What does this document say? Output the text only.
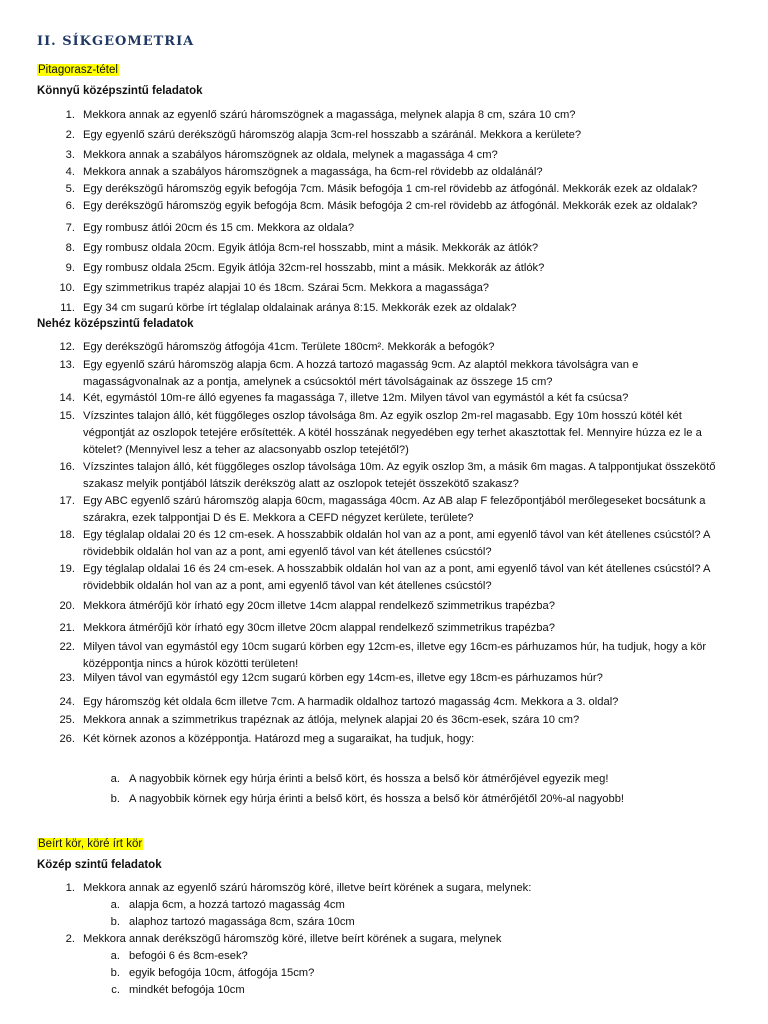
II. SÍKGEOMETRIA
Pitagorasz-tétel
Könnyű középszintű feladatok
1. Mekkora annak az egyenlő szárú háromszögnek a magassága, melynek alapja 8 cm, szára 10 cm?
2. Egy egyenlő szárú derékszögű háromszög alapja 3cm-rel hosszabb a száránál. Mekkora a kerülete?
3. Mekkora annak a szabályos háromszögnek az oldala, melynek a magassága 4 cm?
4. Mekkora annak a szabályos háromszögnek a magassága, ha 6cm-rel rövidebb az oldalánál?
5. Egy derékszögű háromszög egyik befogója 7cm. Másik befogója 1 cm-rel rövidebb az átfogónál. Mekkorák ezek az oldalak?
6. Egy derékszögű háromszög egyik befogója 8cm. Másik befogója 2 cm-rel rövidebb az átfogónál. Mekkorák ezek az oldalak?
7. Egy rombusz átlói 20cm és 15 cm. Mekkora az oldala?
8. Egy rombusz oldala 20cm. Egyik átlója 8cm-rel hosszabb, mint a másik. Mekkorák az átlók?
9. Egy rombusz oldala 25cm. Egyik átlója 32cm-rel hosszabb, mint a másik. Mekkorák az átlók?
10. Egy szimmetrikus trapéz alapjai 10 és 18cm. Szárai 5cm. Mekkora a magassága?
11. Egy 34 cm sugarú körbe írt téglalap oldalainak aránya 8:15. Mekkorák ezek az oldalak?
Nehéz középszintű feladatok
12. Egy derékszögű háromszög átfogója 41cm. Területe 180cm². Mekkorák a befogók?
13. Egy egyenlő szárú háromszög alapja 6cm. A hozzá tartozó magasság 9cm. Az alaptól mekkora távolságra van e magasságvonalnak az a pontja, amelynek a csúcsoktól mért távolságainak az összege 15 cm?
14. Két, egymástól 10m-re álló egyenes fa magassága 7, illetve 12m. Milyen távol van egymástól a két fa csúcsa?
15. Vízszintes talajon álló, két függőleges oszlop távolsága 8m. Az egyik oszlop 2m-rel magasabb. Egy 10m hosszú kötél két végpontját az oszlopok tetejére erősítették. A kötél hosszának negyedében egy terhet akasztottak fel. Mennyire húzza ez le a kötelet? (Mennyivel lesz a teher az alacsonyabb oszlop tetejétől?)
16. Vízszintes talajon álló, két függőleges oszlop távolsága 10m. Az egyik oszlop 3m, a másik 6m magas. A talppontjukat összekötő szakasz melyik pontjából látszik derékszög alatt az oszlopok tetejét összekötő szakasz?
17. Egy ABC egyenlő szárú háromszög alapja 60cm, magassága 40cm. Az AB alap F felezőpontjából merőlegeseket bocsátunk a szárakra, ezek talppontjai D és E. Mekkora a CEFD négyzet kerülete, területe?
18. Egy téglalap oldalai 20 és 12 cm-esek. A hosszabbik oldalán hol van az a pont, ami egyenlő távol van két átellenes csúcstól? A rövidebbik oldalán hol van az a pont, ami egyenlő távol van két átellenes csúcstól?
19. Egy téglalap oldalai 16 és 24 cm-esek. A hosszabbik oldalán hol van az a pont, ami egyenlő távol van két átellenes csúcstól? A rövidebbik oldalán hol van az a pont, ami egyenlő távol van két átellenes csúcstól?
20. Mekkora átmérőjű kör írható egy 20cm illetve 14cm alappal rendelkező szimmetrikus trapézba?
21. Mekkora átmérőjű kör írható egy 30cm illetve 20cm alappal rendelkező szimmetrikus trapézba?
22. Milyen távol van egymástól egy 10cm sugarú körben egy 12cm-es, illetve egy 16cm-es párhuzamos húr, ha tudjuk, hogy a kör középpontja nincs a húrok közötti területen!
23. Milyen távol van egymástól egy 12cm sugarú körben egy 14cm-es, illetve egy 18cm-es párhuzamos húr?
24. Egy háromszög két oldala 6cm illetve 7cm. A harmadik oldalhoz tartozó magasság 4cm. Mekkora a 3. oldal?
25. Mekkora annak a szimmetrikus trapéznak az átlója, melynek alapjai 20 és 36cm-esek, szára 10 cm?
26. Két körnek azonos a középpontja. Határozd meg a sugaraikat, ha tudjuk, hogy:
a. A nagyobbik körnek egy húrja érinti a belső kört, és hossza a belső kör átmérőjével egyezik meg!
b. A nagyobbik körnek egy húrja érinti a belső kört, és hossza a belső kör átmérőjétől 20%-al nagyobb!
Beírt kör, köré írt kör
Közép szintű feladatok
1. Mekkora annak az egyenlő szárú háromszög köré, illetve beírt körének a sugara, melynek:
a. alapja 6cm, a hozzá tartozó magasság 4cm
b. alaphoz tartozó magassága 8cm, szára 10cm
2. Mekkora annak derékszögű háromszög köré, illetve beírt körének a sugara, melynek
a. befogói 6 és 8cm-esek?
b. egyik befogója 10cm, átfogója 15cm?
c. mindkét befogója 10cm
